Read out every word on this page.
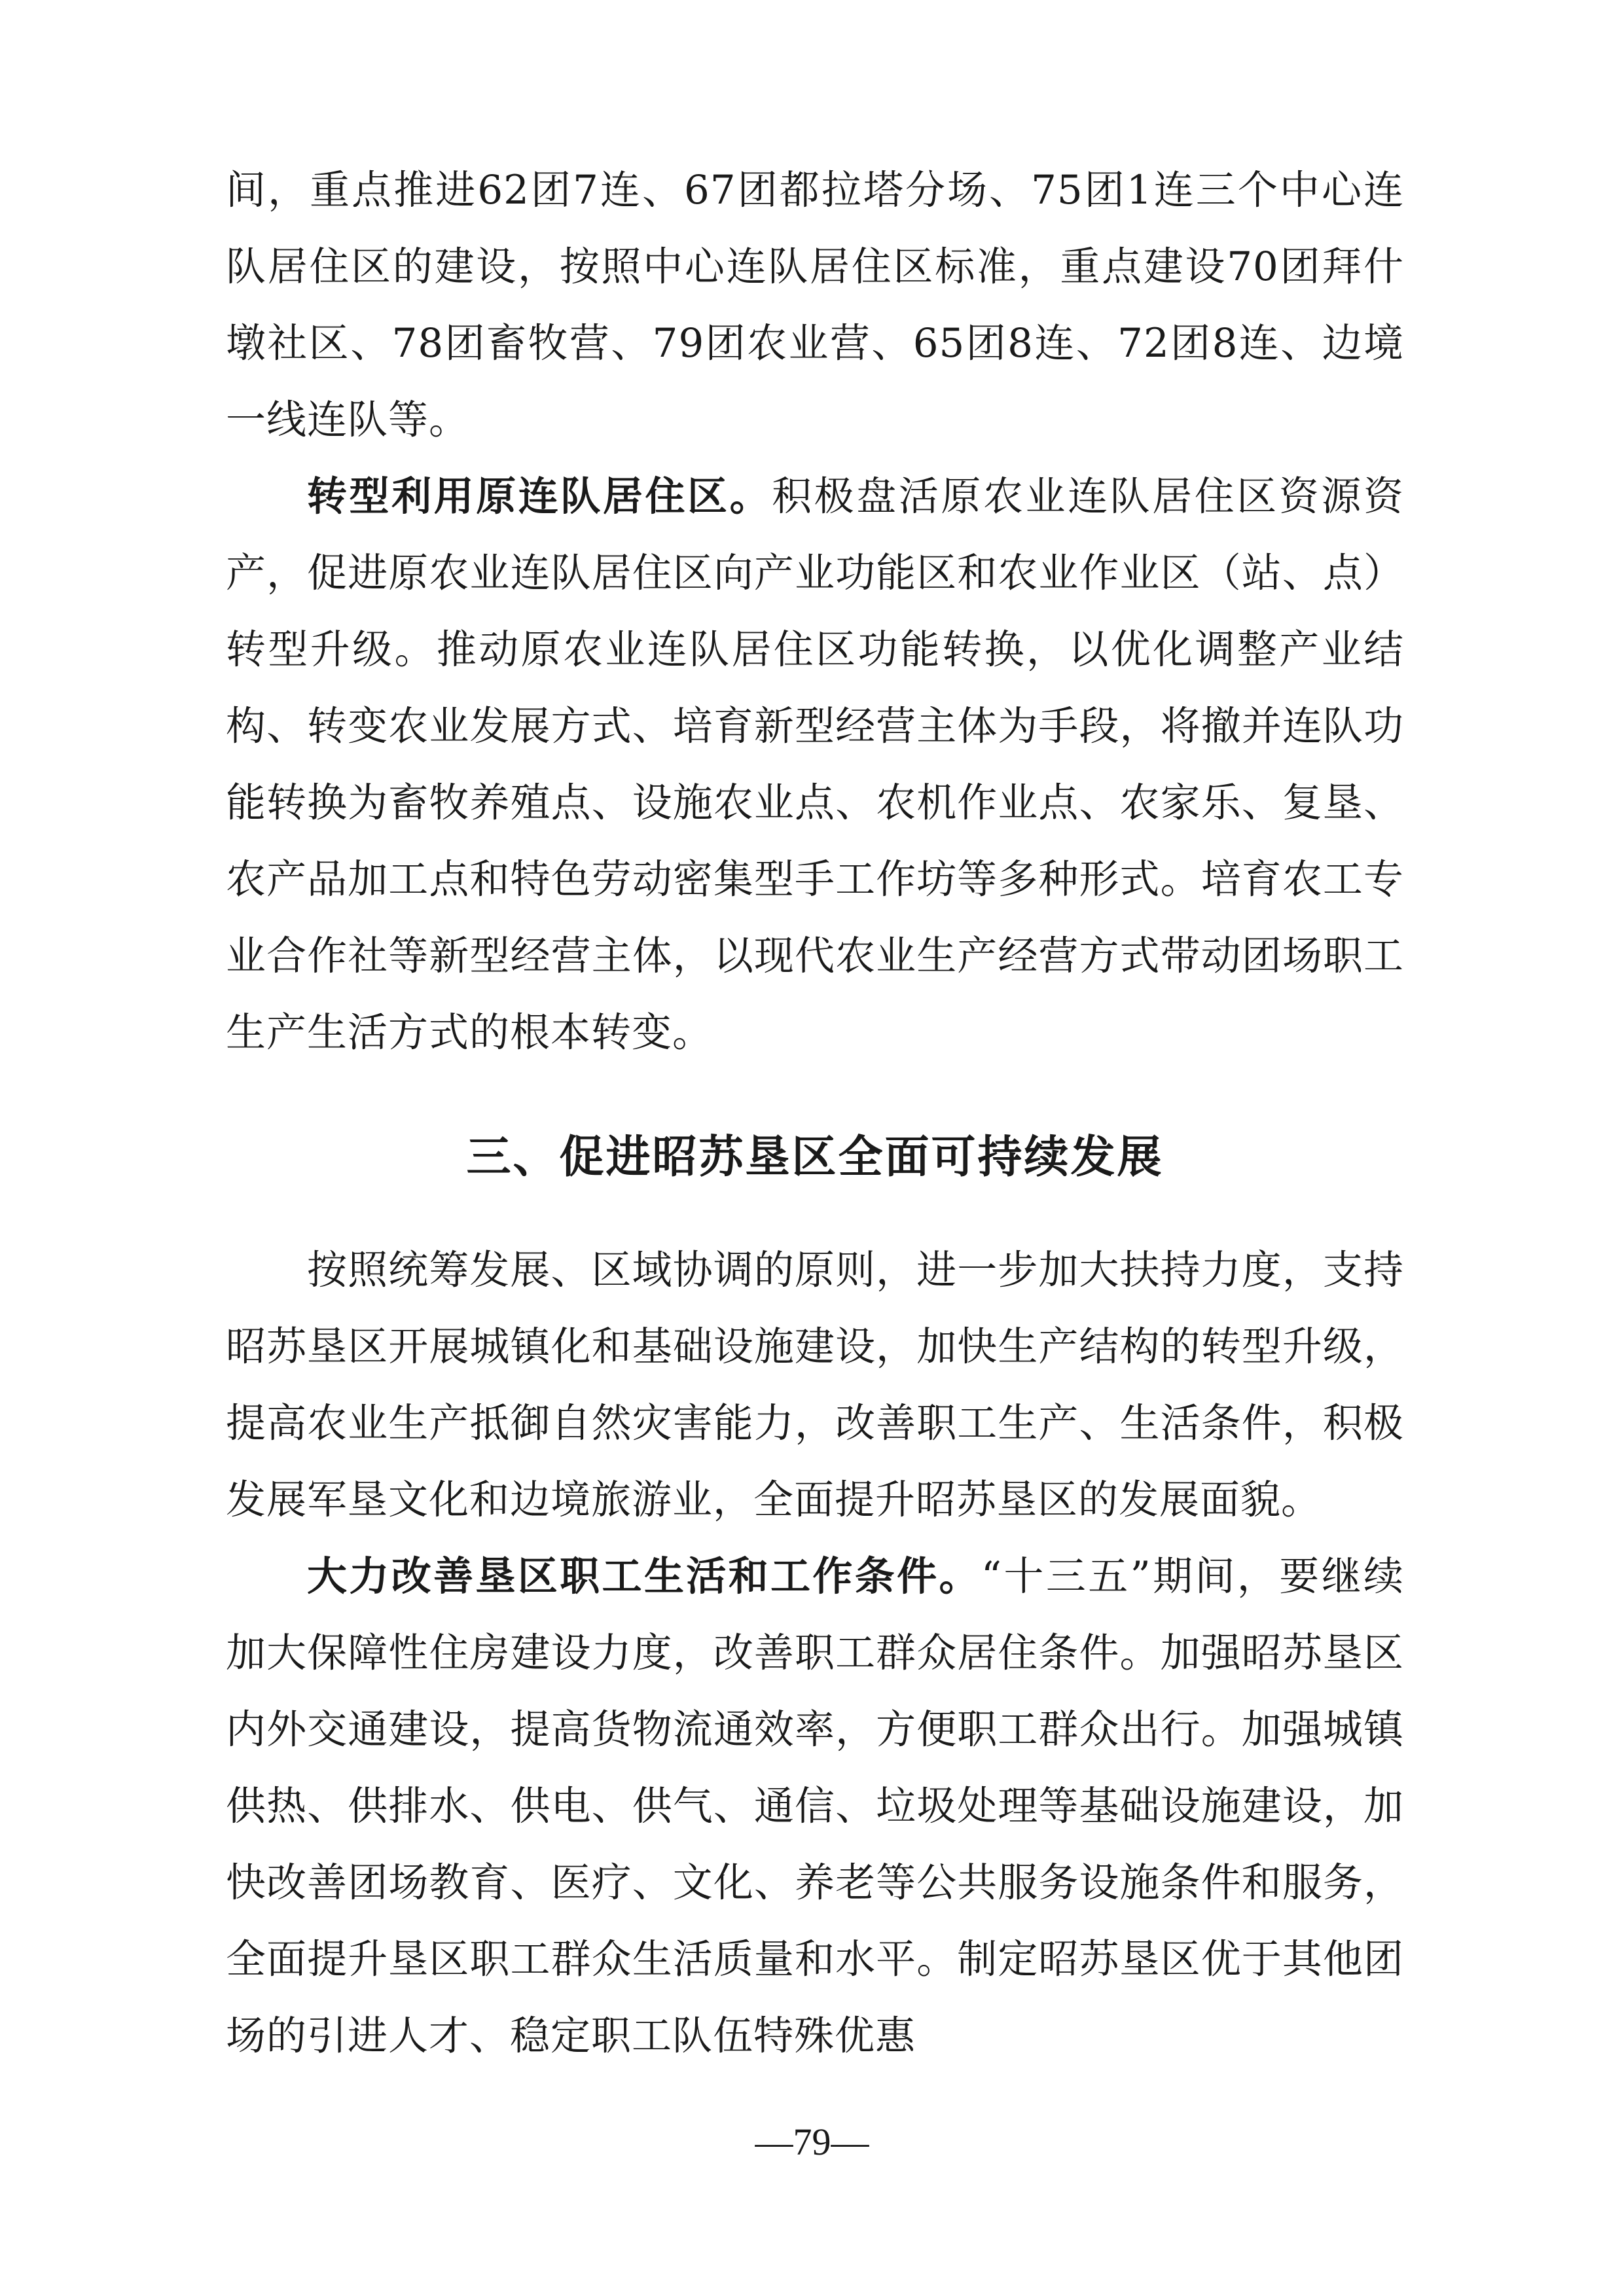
间，重点推进62团7连、67团都拉塔分场、75团1连三个中心连队居住区的建设，按照中心连队居住区标准，重点建设70团拜什墩社区、78团畜牧营、79团农业营、65团8连、72团8连、边境一线连队等。

转型利用原连队居住区。积极盘活原农业连队居住区资源资产，促进原农业连队居住区向产业功能区和农业作业区（站、点）转型升级。推动原农业连队居住区功能转换，以优化调整产业结构、转变农业发展方式、培育新型经营主体为手段，将撤并连队功能转换为畜牧养殖点、设施农业点、农机作业点、农家乐、复垦、农产品加工点和特色劳动密集型手工作坊等多种形式。培育农工专业合作社等新型经营主体，以现代农业生产经营方式带动团场职工生产生活方式的根本转变。

三、促进昭苏垦区全面可持续发展

按照统筹发展、区域协调的原则，进一步加大扶持力度，支持昭苏垦区开展城镇化和基础设施建设，加快生产结构的转型升级，提高农业生产抵御自然灾害能力，改善职工生产、生活条件，积极发展军垦文化和边境旅游业，全面提升昭苏垦区的发展面貌。

大力改善垦区职工生活和工作条件。“十三五”期间，要继续加大保障性住房建设力度，改善职工群众居住条件。加强昭苏垦区内外交通建设，提高货物流通效率，方便职工群众出行。加强城镇供热、供排水、供电、供气、通信、垃圾处理等基础设施建设，加快改善团场教育、医疗、文化、养老等公共服务设施条件和服务，全面提升垦区职工群众生活质量和水平。制定昭苏垦区优于其他团场的引进人才、稳定职工队伍特殊优惠

—79—
